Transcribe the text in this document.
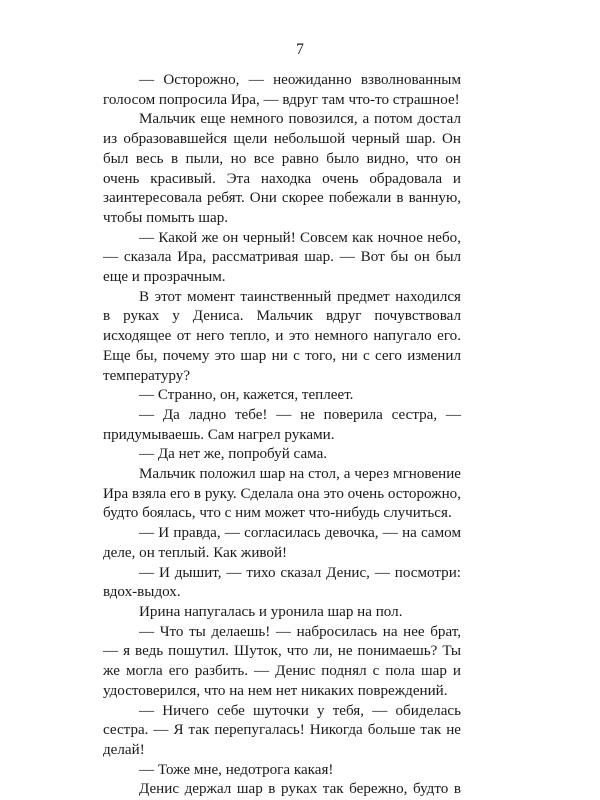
7

— Осторожно, — неожиданно взволнованным голосом попросила Ира, — вдруг там что-то страшное!

Мальчик еще немного повозился, а потом достал из образовавшейся щели небольшой черный шар. Он был весь в пыли, но все равно было видно, что он очень красивый. Эта находка очень обрадовала и заинтересовала ребят. Они скорее побежали в ванную, чтобы помыть шар.

— Какой же он черный! Совсем как ночное небо, — сказала Ира, рассматривая шар. — Вот бы он был еще и прозрачным.

В этот момент таинственный предмет находился в руках у Дениса. Мальчик вдруг почувствовал исходящее от него тепло, и это немного напугало его. Еще бы, почему это шар ни с того, ни с сего изменил температуру?

— Странно, он, кажется, теплеет.

— Да ладно тебе! — не поверила сестра, — придумываешь. Сам нагрел руками.

— Да нет же, попробуй сама.

Мальчик положил шар на стол, а через мгновение Ира взяла его в руку. Сделала она это очень осторожно, будто боялась, что с ним может что-нибудь случиться.

— И правда, — согласилась девочка, — на самом деле, он теплый. Как живой!

— И дышит, — тихо сказал Денис, — посмотри: вдох-выдох.

Ирина напугалась и уронила шар на пол.

— Что ты делаешь! — набросилась на нее брат, — я ведь пошутил. Шуток, что ли, не понимаешь? Ты же могла его разбить. — Денис поднял с пола шар и удостоверился, что на нем нет никаких повреждений.

— Ничего себе шуточки у тебя, — обиделась сестра. — Я так перепугалась! Никогда больше так не делай!

— Тоже мне, недотрога какая!

Денис держал шар в руках так бережно, будто в
